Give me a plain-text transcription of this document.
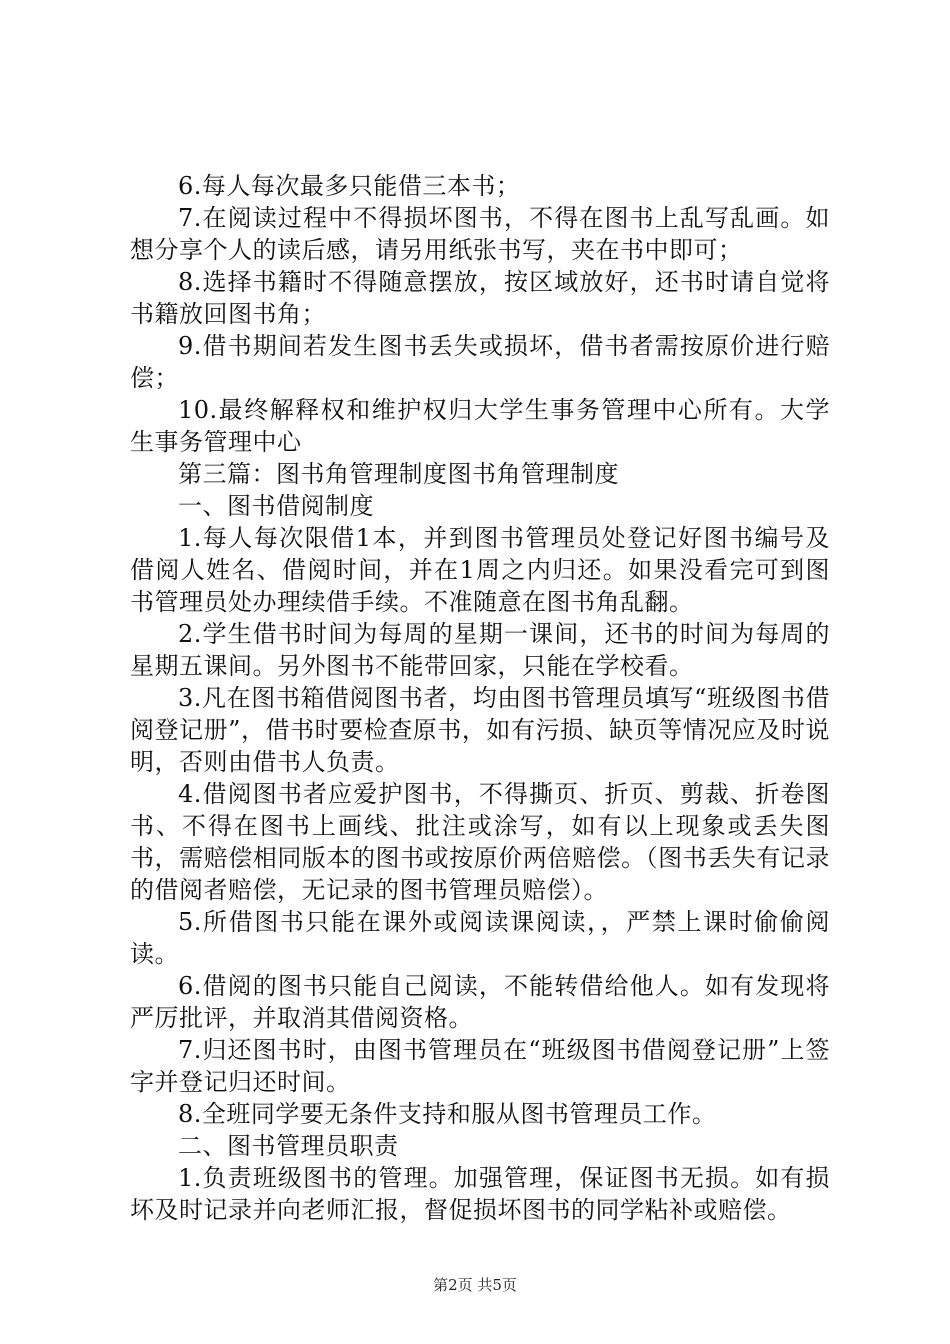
6.每人每次最多只能借三本书；

7.在阅读过程中不得损坏图书，不得在图书上乱写乱画。如想分享个人的读后感，请另用纸张书写，夹在书中即可；

8.选择书籍时不得随意摆放，按区域放好，还书时请自觉将书籍放回图书角；

9.借书期间若发生图书丢失或损坏，借书者需按原价进行赔偿；

10.最终解释权和维护权归大学生事务管理中心所有。大学生事务管理中心

第三篇：图书角管理制度图书角管理制度

一、图书借阅制度

1.每人每次限借1本，并到图书管理员处登记好图书编号及借阅人姓名、借阅时间，并在1周之内归还。如果没看完可到图书管理员处办理续借手续。不准随意在图书角乱翻。

2.学生借书时间为每周的星期一课间，还书的时间为每周的星期五课间。另外图书不能带回家，只能在学校看。

3.凡在图书箱借阅图书者，均由图书管理员填写“班级图书借阅登记册”，借书时要检查原书，如有污损、缺页等情况应及时说明，否则由借书人负责。

4.借阅图书者应爱护图书，不得撕页、折页、剪裁、折卷图书、不得在图书上画线、批注或涂写，如有以上现象或丢失图书，需赔偿相同版本的图书或按原价两倍赔偿。（图书丢失有记录的借阅者赔偿，无记录的图书管理员赔偿）。

5.所借图书只能在课外或阅读课阅读，，严禁上课时偷偷阅读。

6.借阅的图书只能自己阅读，不能转借给他人。如有发现将严厉批评，并取消其借阅资格。

7.归还图书时，由图书管理员在“班级图书借阅登记册”上签字并登记归还时间。

8.全班同学要无条件支持和服从图书管理员工作。

二、图书管理员职责

1.负责班级图书的管理。加强管理，保证图书无损。如有损坏及时记录并向老师汇报，督促损坏图书的同学粘补或赔偿。

第2页 共5页
